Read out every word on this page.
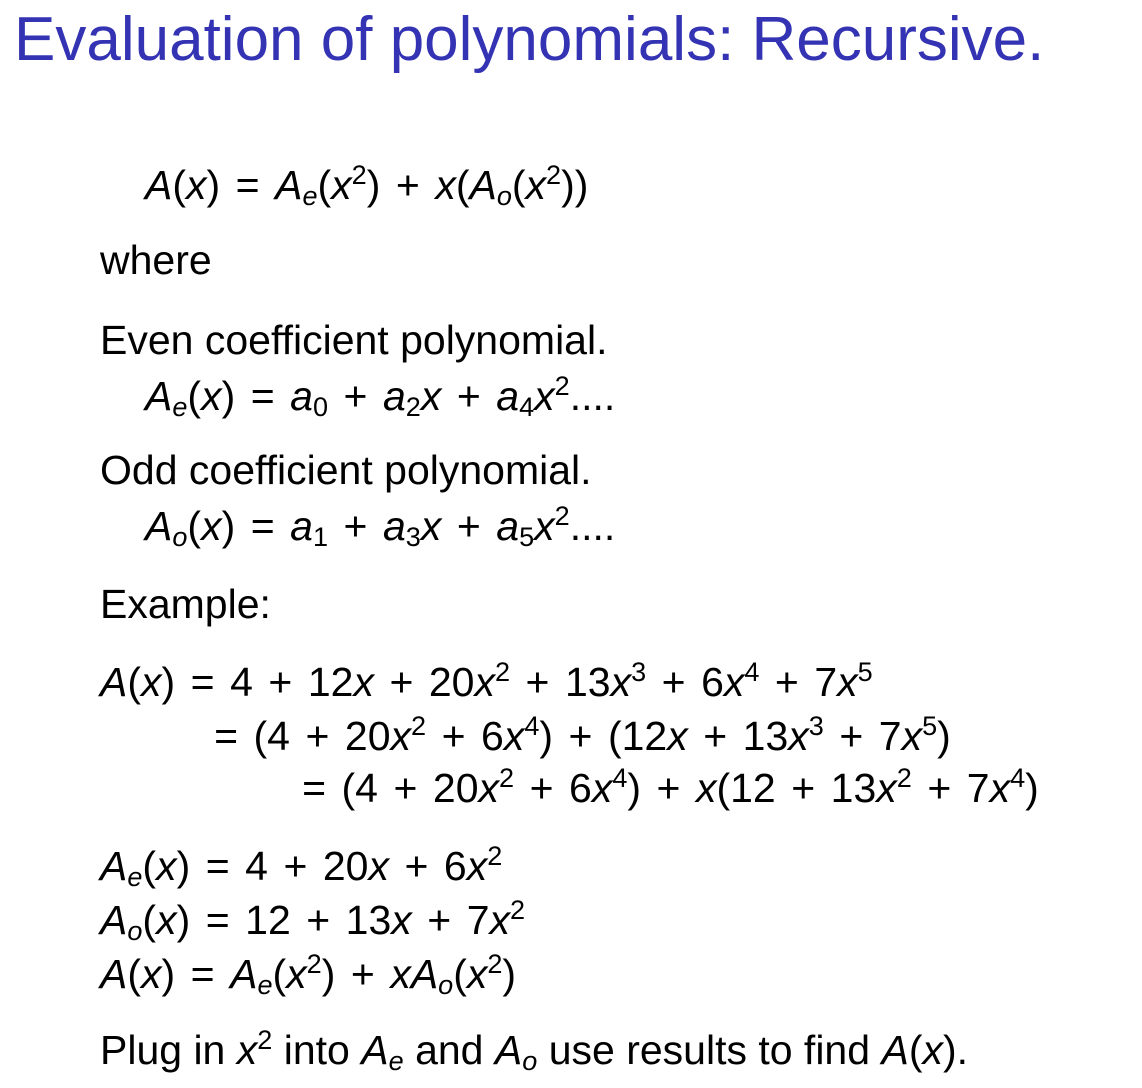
Evaluation of polynomials: Recursive.
$A(x) = A_e(x^2) + x(A_o(x^2))$
where
Even coefficient polynomial.
$A_e(x) = a_0 + a_2x + a_4x^2$....
Odd coefficient polynomial.
$A_o(x) = a_1 + a_3x + a_5x^2$....
Example:
$A(x) = 4 + 12x + 20x^2 + 13x^3 + 6x^4 + 7x^5$
= $(4 + 20x^2 + 6x^4) + (12x + 13x^3 + 7x^5)$
= $(4 + 20x^2 + 6x^4) + x(12 + 13x^2 + 7x^4)$
$A_e(x) = 4 + 20x + 6x^2$
$A_o(x) = 12 + 13x + 7x^2$
$A(x) = A_e(x^2) + xA_o(x^2)$
Plug in $x^2$ into $A_e$ and $A_o$ use results to find A(x).
